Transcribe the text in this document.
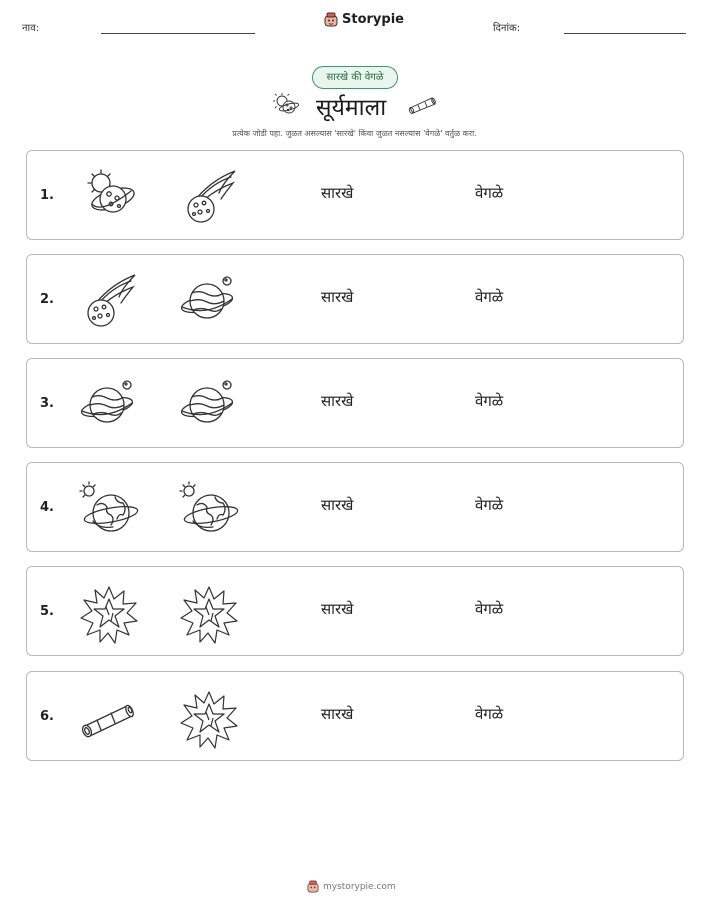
नाव:
Storypie
दिनांक:
सारखे की वेगळे
सूर्यमाला
प्रत्येक जोडी पहा. जुळत असल्यास 'सारखे' किंवा जुळत नसल्यास 'वेगळे' वर्तुळ करा.
1.	सारखे	वेगळे
2.	सारखे	वेगळे
3.	सारखे	वेगळे
4.	सारखे	वेगळे
5.	सारखे	वेगळे
6.	सारखे	वेगळे
mystorypie.com
